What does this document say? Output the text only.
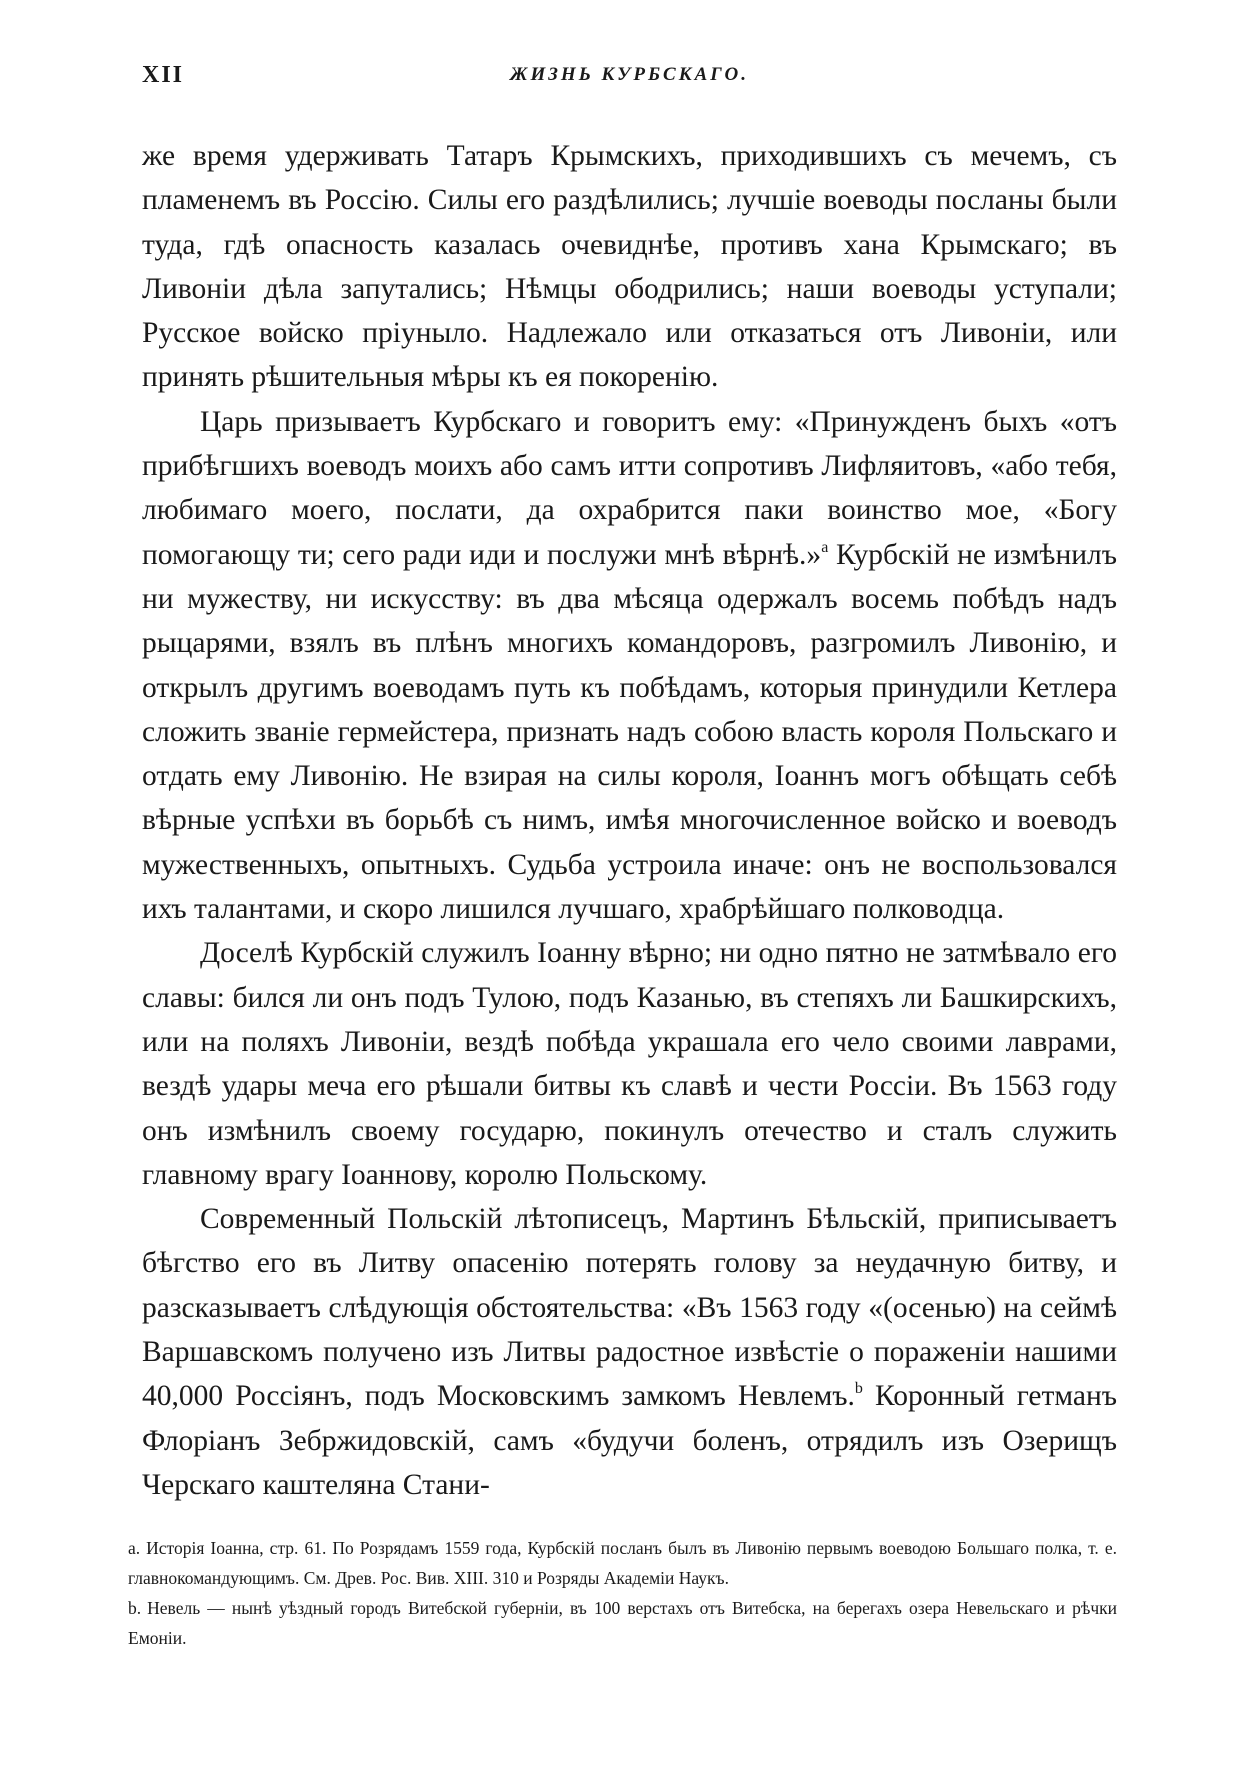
XII	ЖИЗНЬ КУРБСКАГО.

же время удерживать Татаръ Крымскихъ, приходившихъ съ мечемъ, съ пламенемъ въ Россію. Силы его раздѣлились; лучшіе воеводы посланы были туда, гдѣ опасность казалась очевиднѣе, противъ хана Крымскаго; въ Ливоніи дѣла запутались; Нѣмцы ободрились; наши воеводы уступали; Русское войско пріуныло. Надлежало или отказаться отъ Ливоніи, или принять рѣшительныя мѣры къ ея покоренію.

Царь призываетъ Курбскаго и говоритъ ему: «Принужденъ быхъ «отъ прибѣгшихъ воеводъ моихъ або самъ итти сопротивъ Лифляитовъ, «або тебя, любимаго моего, послати, да охрабрится паки воинство мое, «Богу помогающу ти; сего ради иди и послужи мнѣ вѣрнѣ.»$^a$ Курбскій не измѣнилъ ни мужеству, ни искусству: въ два мѣсяца одержалъ восемь побѣдъ надъ рыцарями, взялъ въ плѣнъ многихъ командоровъ, разгромилъ Ливонію, и открылъ другимъ воеводамъ путь къ побѣдамъ, которыя принудили Кетлера сложить званіе гермейстера, признать надъ собою власть короля Польскаго и отдать ему Ливонію. Не взирая на силы короля, Іоаннъ могъ обѣщать себѣ вѣрные успѣхи въ борьбѣ съ нимъ, имѣя многочисленное войско и воеводъ мужественныхъ, опытныхъ. Судьба устроила иначе: онъ не воспользовался ихъ талантами, и скоро лишился лучшаго, храбрѣйшаго полководца.

Доселѣ Курбскій служилъ Іоанну вѣрно; ни одно пятно не затмѣвало его славы: бился ли онъ подъ Тулою, подъ Казанью, въ степяхъ ли Башкирскихъ, или на поляхъ Ливоніи, вездѣ побѣда украшала его чело своими лаврами, вездѣ удары меча его рѣшали битвы къ славѣ и чести Россіи. Въ 1563 году онъ измѣнилъ своему государю, покинулъ отечество и сталъ служить главному врагу Іоаннову, королю Польскому.

Современный Польскій лѣтописецъ, Мартинъ Бѣльскій, приписываетъ бѣгство его въ Литву опасенію потерять голову за неудачную битву, и разсказываетъ слѣдующія обстоятельства: «Въ 1563 году «(осенью) на сеймѣ Варшавскомъ получено изъ Литвы радостное извѣстіе о пораженіи нашими 40,000 Россіянъ, подъ Московскимъ замкомъ Невлемъ.$^b$ Коронный гетманъ Флоріанъ Зебржидовскій, самъ «будучи боленъ, отрядилъ изъ Озерищъ Черскаго каштеляна Стани-

a. Исторія Іоанна, стр. 61. По Розрядамъ 1559 года, Курбскій посланъ былъ въ Ливонію первымъ воеводою Большаго полка, т. е. главнокомандующимъ. См. Древ. Рос. Вив. XIII. 310 и Розряды Академіи Наукъ.

b. Невель — нынѣ уѣздный городъ Витебской губерніи, въ 100 верстахъ отъ Витебска, на берегахъ озера Невельскаго и рѣчки Емоніи.
